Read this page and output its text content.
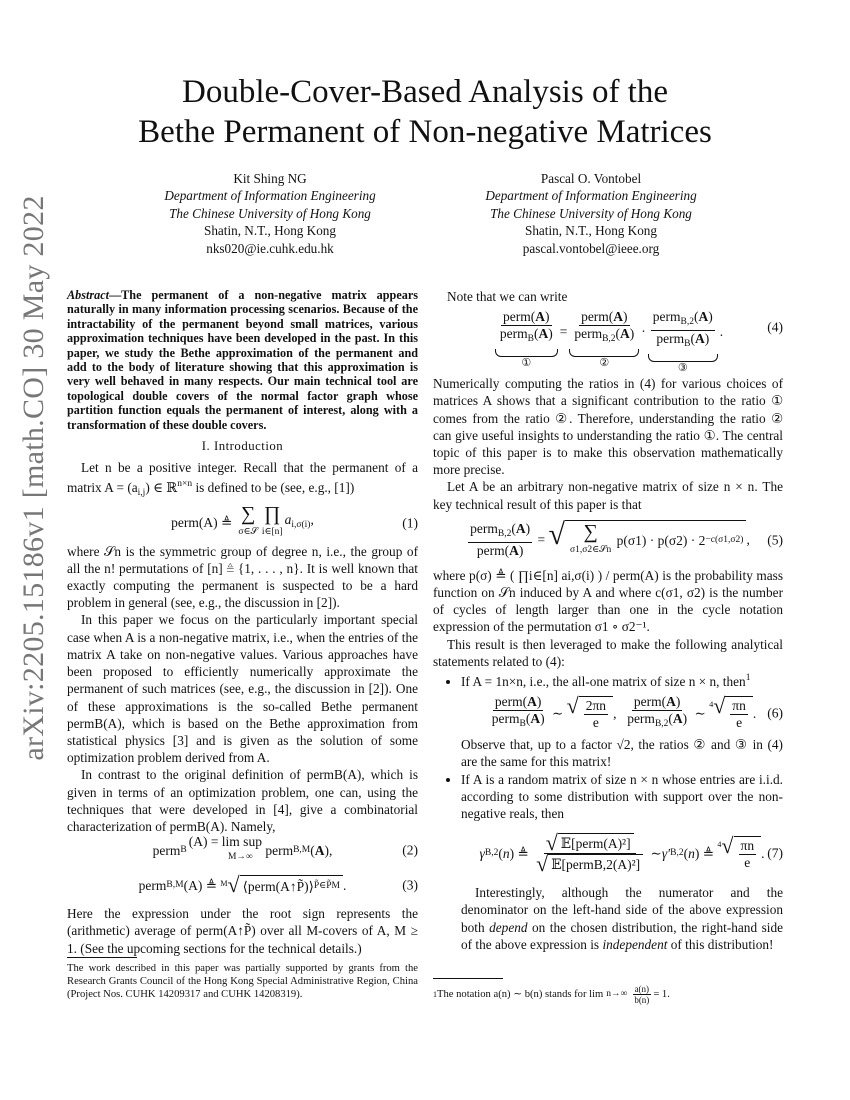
arXiv:2205.15186v1 [math.CO] 30 May 2022
Double-Cover-Based Analysis of the
Bethe Permanent of Non-negative Matrices
Kit Shing NG
Department of Information Engineering
The Chinese University of Hong Kong
Shatin, N.T., Hong Kong
nks020@ie.cuhk.edu.hk
Pascal O. Vontobel
Department of Information Engineering
The Chinese University of Hong Kong
Shatin, N.T., Hong Kong
pascal.vontobel@ieee.org

Abstract—The permanent of a non-negative matrix appears naturally in many information processing scenarios. Because of the intractability of the permanent beyond small matrices, various approximation techniques have been developed in the past. In this paper, we study the Bethe approximation of the permanent and add to the body of literature showing that this approximation is very well behaved in many respects. Our main technical tool are topological double covers of the normal factor graph whose partition function equals the permanent of interest, along with a transformation of these double covers.

I. Introduction

Let n be a positive integer. Recall that the permanent of a matrix $A = (a_{i,j})$ ∈ ℝ$^{n\times n}$ is defined to be (see, e.g., [1])

perm(A) ≜ ∑
σ∈𝒮
∏
i∈[n]
$a_{i,\sigma(i)}$,	(1)

where 𝒮n is the symmetric group of degree n, i.e., the group of all the n! permutations of [n] ≜ {1, . . . , n}. It is well known that exactly computing the permanent is suspected to be a hard problem in general (see, e.g., the discussion in [2]).

In this paper we focus on the particularly important special case when A is a non-negative matrix, i.e., when the entries of the matrix A take on non-negative values. Various approaches have been proposed to efficiently numerically approximate the permanent of such matrices (see, e.g., the discussion in [2]). One of these approximations is the so-called Bethe permanent permB(A), which is based on the Bethe approximation from statistical physics [3] and is given as the solution of some optimization problem derived from A.

In contrast to the original definition of permB(A), which is given in terms of an optimization problem, one can, using the techniques that were developed in [4], give a combinatorial characterization of permB(A). Namely,

perm B
(A) = lim sup
M→∞
perm B,M ( A ),	(2)
perm B,M (A) ≜
M √ ⟨perm(A↑P̃)⟩ P̃∈P̃M .	(3)

Here the expression under the root sign represents the (arithmetic) average of perm(A↑P̃) over all M-covers of A, M ≥ 1. (See the upcoming sections for the technical details.)

The work described in this paper was partially supported by grants from the Research Grants Council of the Hong Kong Special Administrative Region, China (Project Nos. CUHK 14209317 and CUHK 14208319).

Note that we can write

$\frac{\text{perm(A)}}{perm_B(A)}$
①
= $\frac{\text{perm(A)}}{perm_{B,2}(A)}$
②
· $\frac{perm_{B,2}(A)}{perm_B(A)}$
③
.	(4)

Numerically computing the ratios in (4) for various choices of matrices A shows that a significant contribution to the ratio ① comes from the ratio ②. Therefore, understanding the ratio ② can give useful insights to understanding the ratio ①. The central topic of this paper is to make this observation mathematically more precise.

Let A be an arbitrary non-negative matrix of size n × n. The key technical result of this paper is that

$\frac{perm_{B,2}(A)}{\text{perm(A)}}$ = √ ∑
σ1,σ2∈𝒮n

p(σ1) · p(σ2) · 2 −c(σ1,σ2) , (5)

where p(σ) ≜ ( ∏i∈[n] ai,σ(i) ) / perm(A) is the probability mass function on 𝒮n induced by A and where c(σ1, σ2) is the number of cycles of length larger than one in the cycle notation expression of the permutation σ1 ∘ σ2⁻¹.

This result is then leveraged to make the following analytical statements related to (4):

• If A = 1n×n, i.e., the all-one matrix of size n × n, then$^1$
$\frac{\text{perm(A)}}{perm_B(A)}$ ∼ √ $\frac{2\pi n}{e}$ , $\frac{\text{perm(A)}}{perm_{B,2}(A)}$ ∼
4 √ $\frac{\pi n}{e}$ . (6)

Observe that, up to a factor √2, the ratios ② and ③ in (4) are the same for this matrix!

• If A is a random matrix of size n × n whose entries are i.i.d. according to some distribution with support over the non-negative reals, then
γ B,2 ( n ) ≜ $\frac{\text{√ 𝔼[perm(A)²]}}{\text{√ 𝔼[permB,2(A)²]}}$ ∼ γ′ B,2 ( n ) ≜
4 √ $\frac{\pi n}{e}$ . (7)

Interestingly, although the numerator and the denominator on the left-hand side of the above expression both depend on the chosen distribution, the right-hand side of the above expression is independent of this distribution!

1 The notation a(n) ∼ b(n) stands for $\lim n\to\infty \frac{a(n)}{b(n)} = 1$.
